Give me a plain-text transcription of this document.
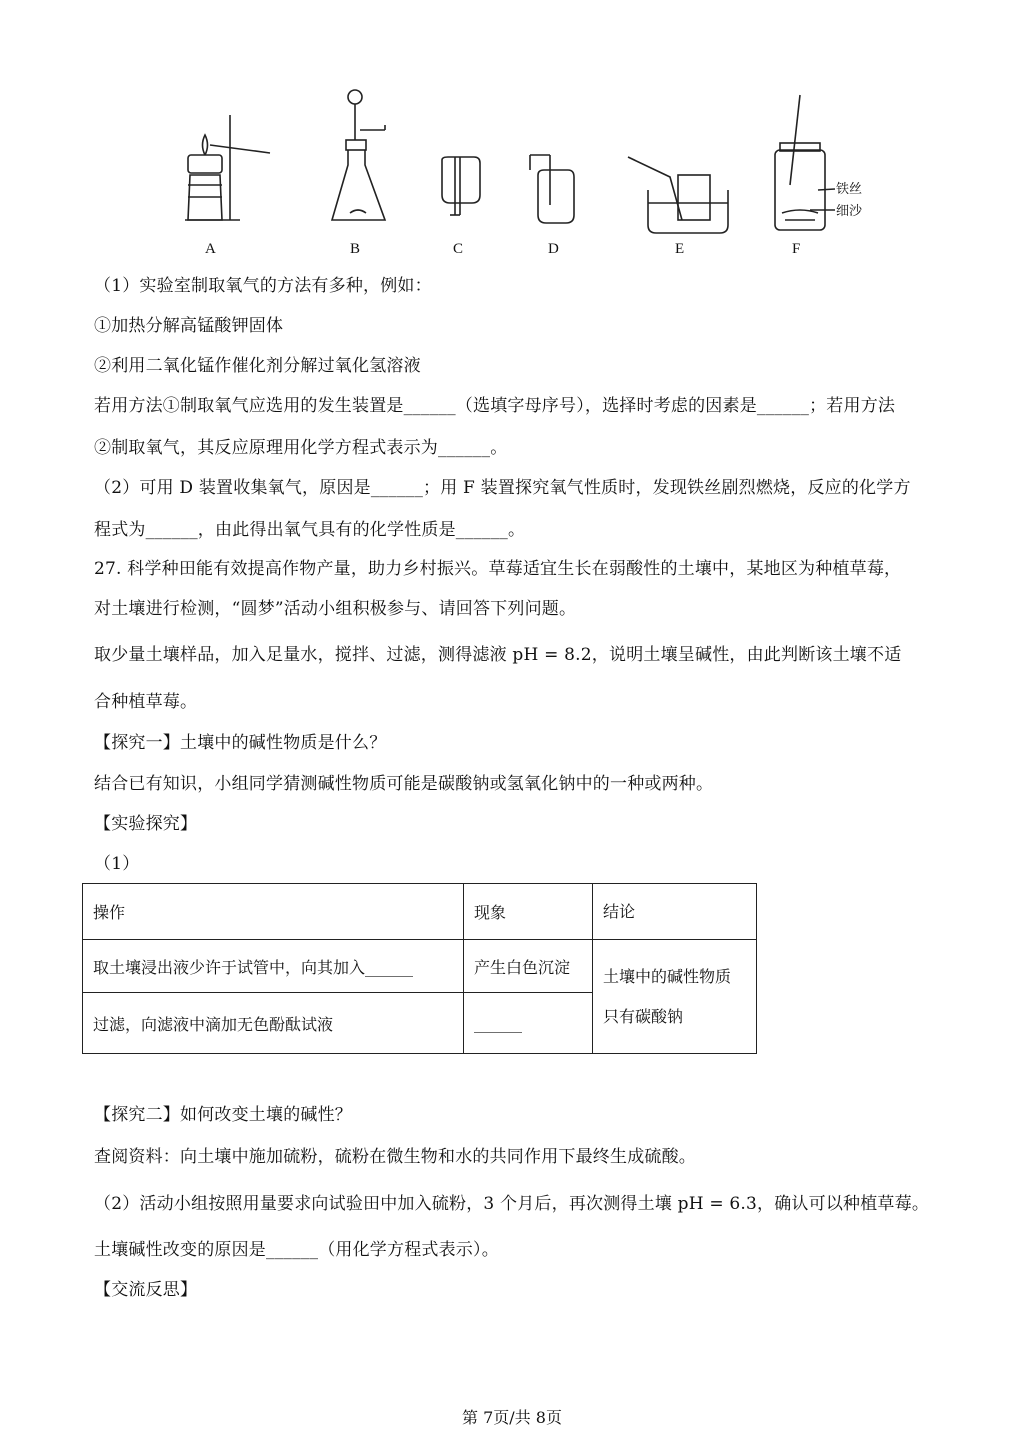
A	B	C	D	E	F
铁丝
细沙
（1）实验室制取氧气的方法有多种，例如：
①加热分解高锰酸钾固体
②利用二氧化锰作催化剂分解过氧化氢溶液
若用方法①制取氧气应选用的发生装置是______（选填字母序号），选择时考虑的因素是______；若用方法
②制取氧气，其反应原理用化学方程式表示为______。
（2）可用 D 装置收集氧气，原因是______；用 F 装置探究氧气性质时，发现铁丝剧烈燃烧，反应的化学方
程式为______，由此得出氧气具有的化学性质是______。
27. 科学种田能有效提高作物产量，助力乡村振兴。草莓适宜生长在弱酸性的土壤中，某地区为种植草莓，
对土壤进行检测，“圆梦”活动小组积极参与、请回答下列问题。
取少量土壤样品，加入足量水，搅拌、过滤，测得滤液 pH = 8.2，说明土壤呈碱性，由此判断该土壤不适
合种植草莓。
【探究一】土壤中的碱性物质是什么？
结合已有知识，小组同学猜测碱性物质可能是碳酸钠或氢氧化钠中的一种或两种。
【实验探究】
（1）
操作	现象	结论
取土壤浸出液少许于试管中，向其加入______	产生白色沉淀	土壤中的碱性物质
只有碳酸钠

过滤，向滤液中滴加无色酚酞试液	______	
【探究二】如何改变土壤的碱性？
查阅资料：向土壤中施加硫粉，硫粉在微生物和水的共同作用下最终生成硫酸。
（2）活动小组按照用量要求向试验田中加入硫粉，3 个月后，再次测得土壤 pH = 6.3，确认可以种植草莓。
土壤碱性改变的原因是______（用化学方程式表示）。
【交流反思】
第 7页/共 8页
